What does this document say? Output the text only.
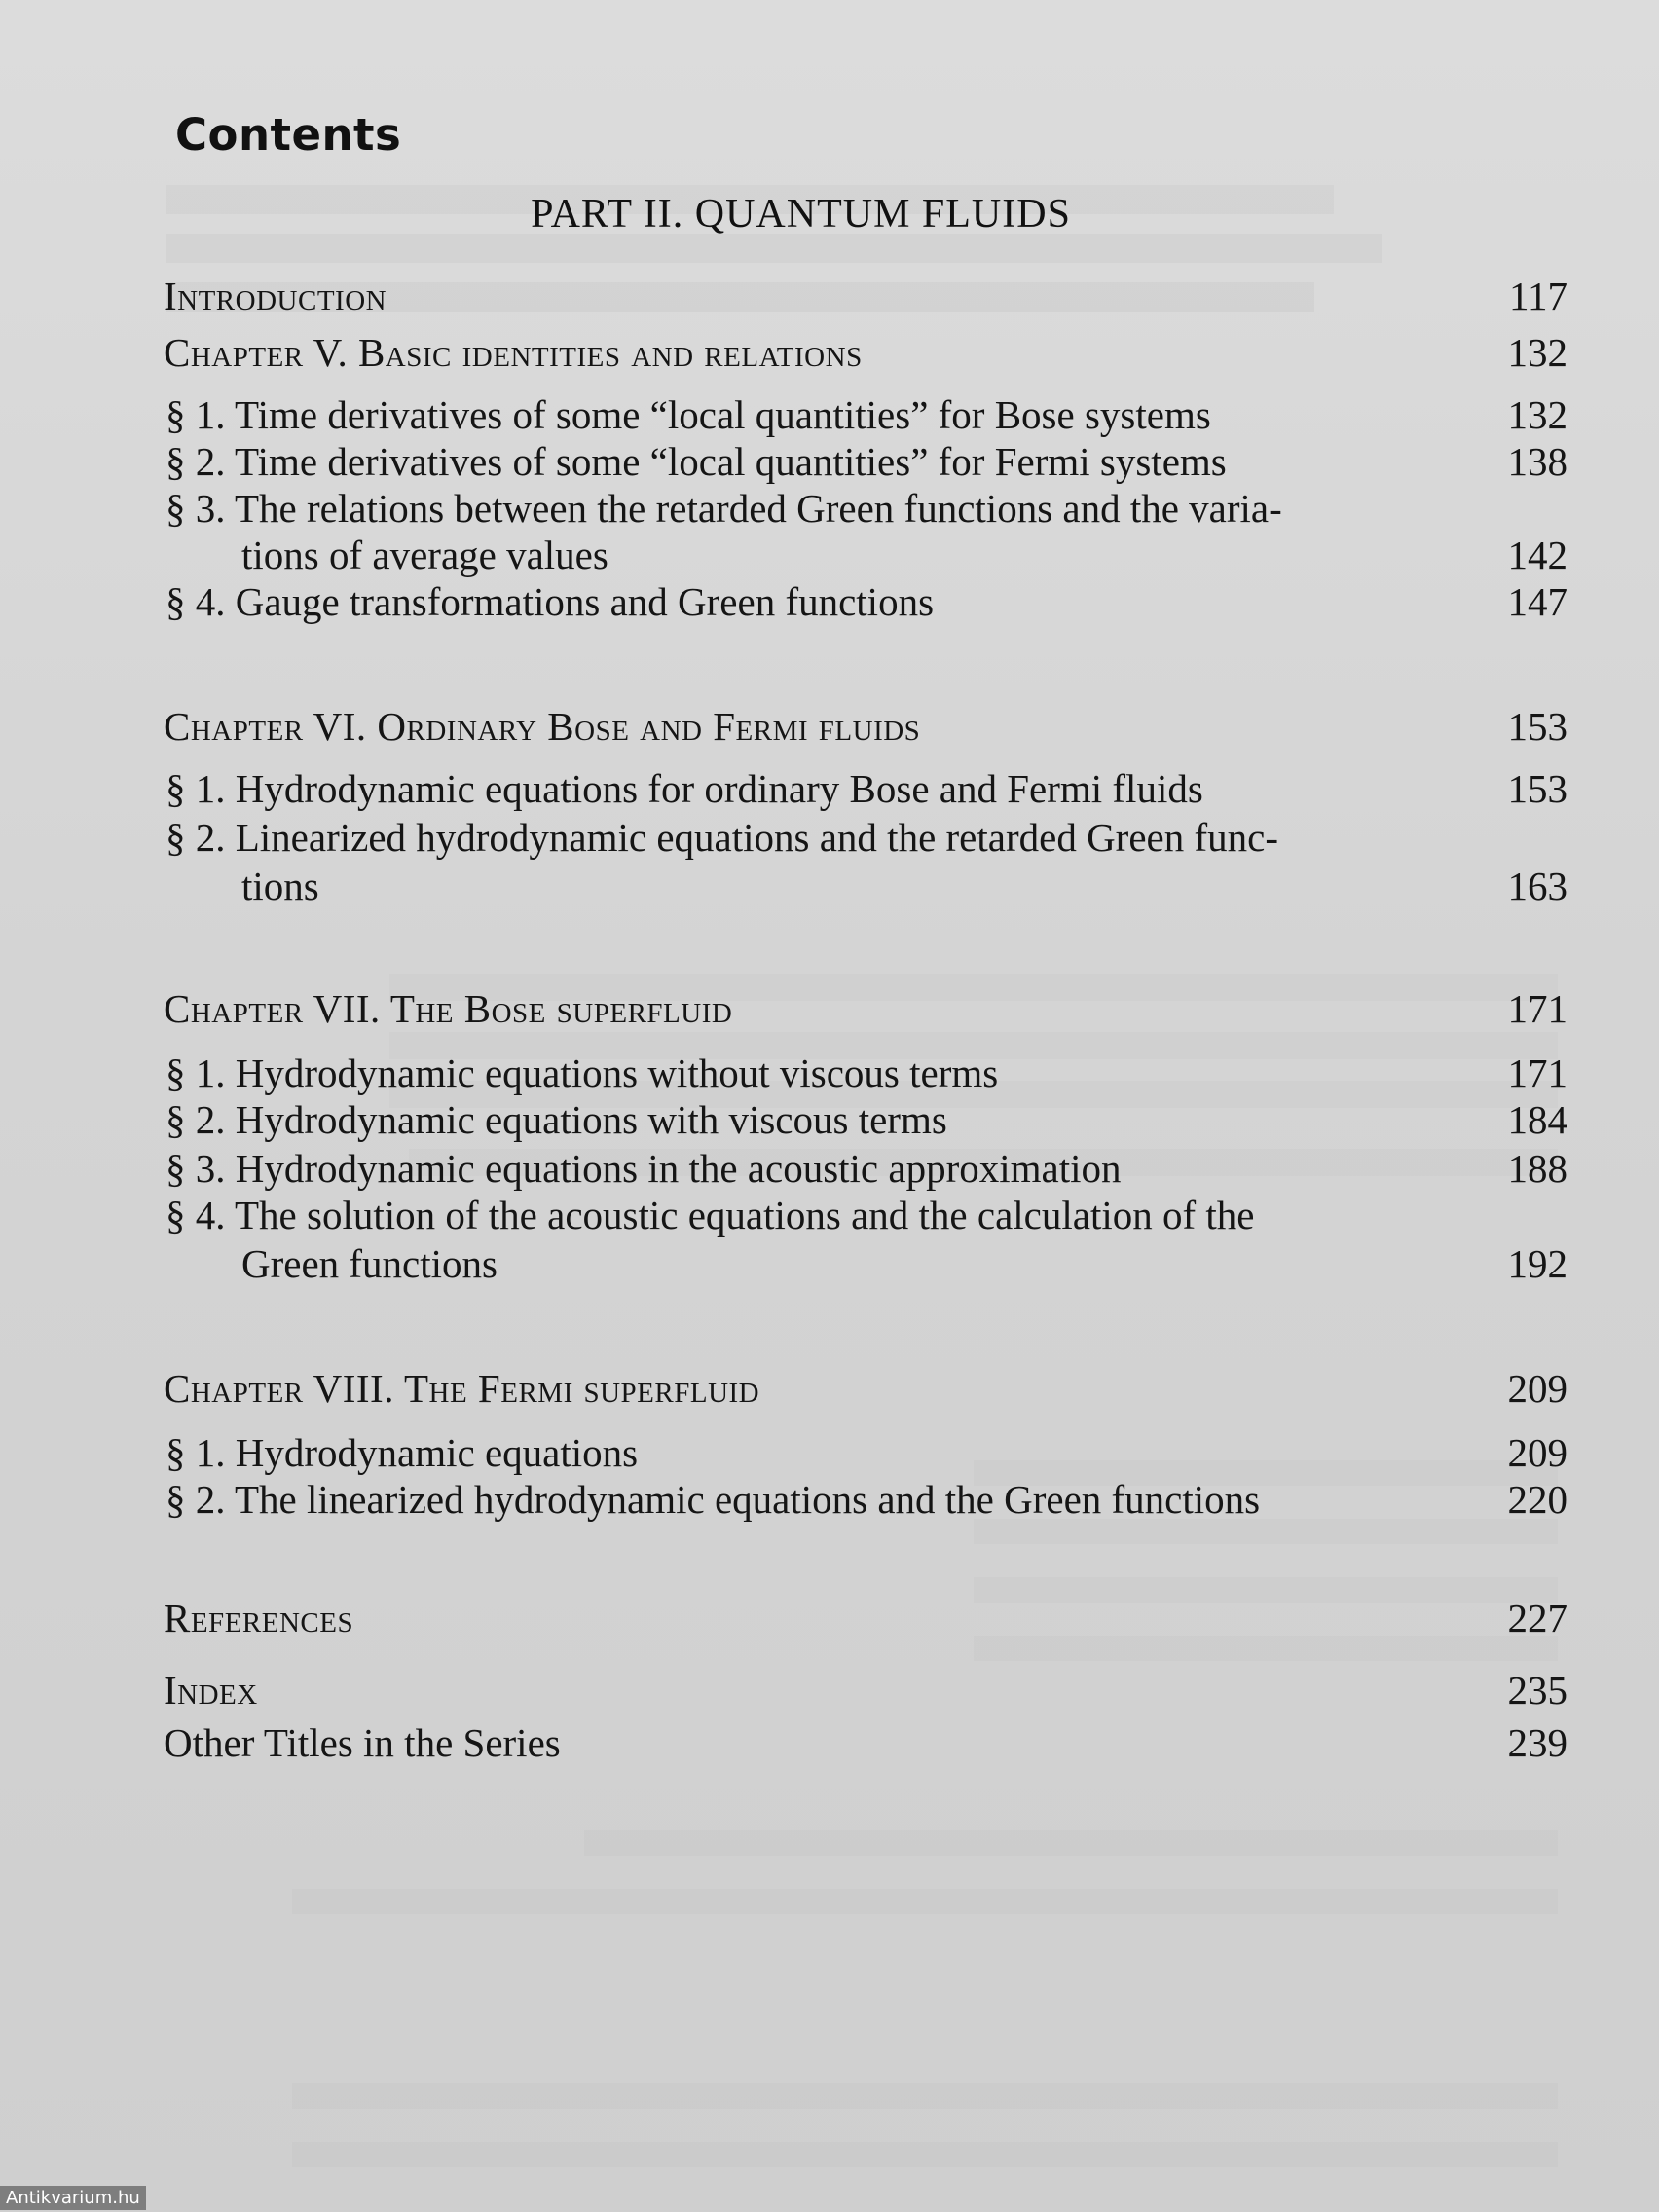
Contents
PART II. QUANTUM FLUIDS
Introduction	117
Chapter V. Basic identities and relations	132
§ 1. Time derivatives of some “local quantities” for Bose systems	132
§ 2. Time derivatives of some “local quantities” for Fermi systems	138
§ 3. The relations between the retarded Green functions and the varia-
tions of average values	142
§ 4. Gauge transformations and Green functions	147
Chapter VI. Ordinary Bose and Fermi fluids	153
§ 1. Hydrodynamic equations for ordinary Bose and Fermi fluids	153
§ 2. Linearized hydrodynamic equations and the retarded Green func-
tions	163
Chapter VII. The Bose superfluid	171
§ 1. Hydrodynamic equations without viscous terms	171
§ 2. Hydrodynamic equations with viscous terms	184
§ 3. Hydrodynamic equations in the acoustic approximation	188
§ 4. The solution of the acoustic equations and the calculation of the
Green functions	192
Chapter VIII. The Fermi superfluid	209
§ 1. Hydrodynamic equations	209
§ 2. The linearized hydrodynamic equations and the Green functions	220
References	227
Index	235
Other Titles in the Series	239
Antikvarium.hu
